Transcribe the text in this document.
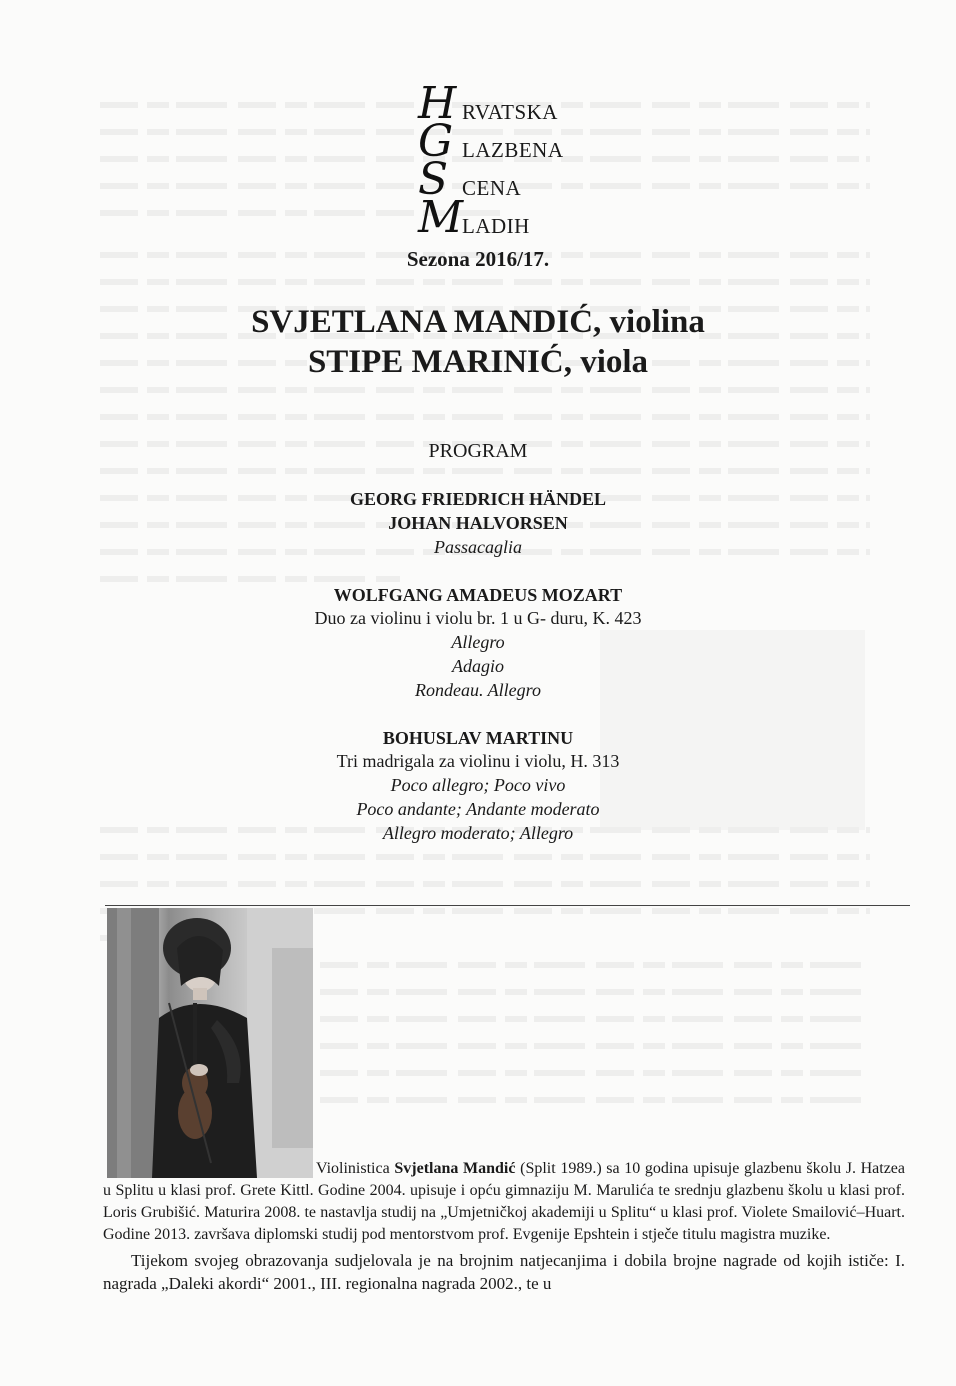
H RVATSKA
G LAZBENA
S CENA
M
LADIH
Sezona 2016/17.
SVJETLANA MANDIĆ, violina
STIPE MARINIĆ, viola
PROGRAM
GEORG FRIEDRICH HÄNDEL
JOHAN HALVORSEN
Passacaglia
WOLFGANG AMADEUS MOZART
Duo za violinu i violu br. 1 u G- duru, K. 423
Allegro
Adagio
Rondeau. Allegro
BOHUSLAV MARTINU
Tri madrigala za violinu i violu, H. 313
Poco allegro; Poco vivo
Poco andante; Andante moderato
Allegro moderato; Allegro

Violinistica Svjetlana Mandić (Split 1989.) sa 10 godina upisuje glazbenu školu J. Hatzea u Splitu u klasi prof. Grete Kittl. Godine 2004. upisuje i opću gimnaziju M. Marulića te srednju glazbenu školu u klasi prof. Loris Grubišić. Maturira 2008. te nastavlja studij na „Umjetničkoj akademiji u Splitu“ u klasi prof. Violete Smailović–Huart. Godine 2013. završava diplomski studij pod mentorstvom prof. Evgenije Epshtein i stječe titulu magistra muzike.

Tijekom svojeg obrazovanja sudjelovala je na brojnim natjecanjima i dobila brojne nagrade od kojih ističe: I. nagrada „Daleki akordi“ 2001., III. regionalna nagrada 2002., te u
